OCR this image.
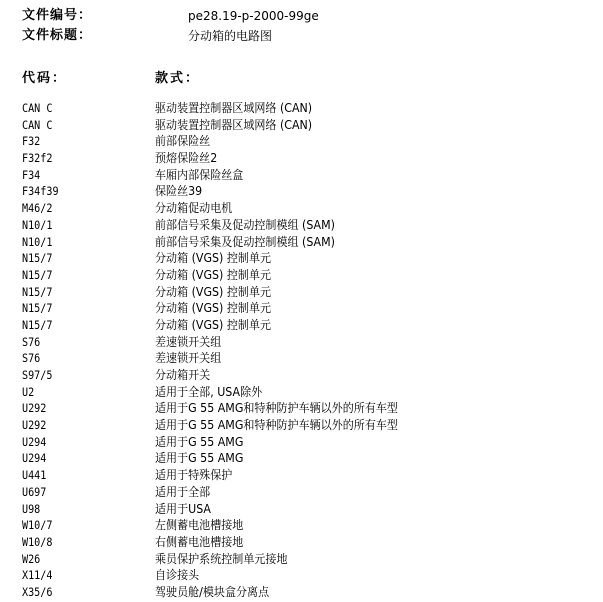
文件编号：	pe28.19-p-2000-99ge
文件标题：	分动箱的电路图
代码：	款式：
CAN C	驱动装置控制器区域网络 (CAN)
CAN C	驱动装置控制器区域网络 (CAN)
F32	前部保险丝
F32f2	预熔保险丝2
F34	车厢内部保险丝盒
F34f39	保险丝39
M46/2	分动箱促动电机
N10/1	前部信号采集及促动控制模组 (SAM)
N10/1	前部信号采集及促动控制模组 (SAM)
N15/7	分动箱 (VGS) 控制单元
N15/7	分动箱 (VGS) 控制单元
N15/7	分动箱 (VGS) 控制单元
N15/7	分动箱 (VGS) 控制单元
N15/7	分动箱 (VGS) 控制单元
S76	差速锁开关组
S76	差速锁开关组
S97/5	分动箱开关
U2	适用于全部, USA除外
U292	适用于G 55 AMG和特种防护车辆以外的所有车型
U292	适用于G 55 AMG和特种防护车辆以外的所有车型
U294	适用于G 55 AMG
U294	适用于G 55 AMG
U441	适用于特殊保护
U697	适用于全部
U98	适用于USA
W10/7	左侧蓄电池槽接地
W10/8	右侧蓄电池槽接地
W26	乘员保护系统控制单元接地
X11/4	自诊接头
X35/6	驾驶员舱/模块盒分离点
